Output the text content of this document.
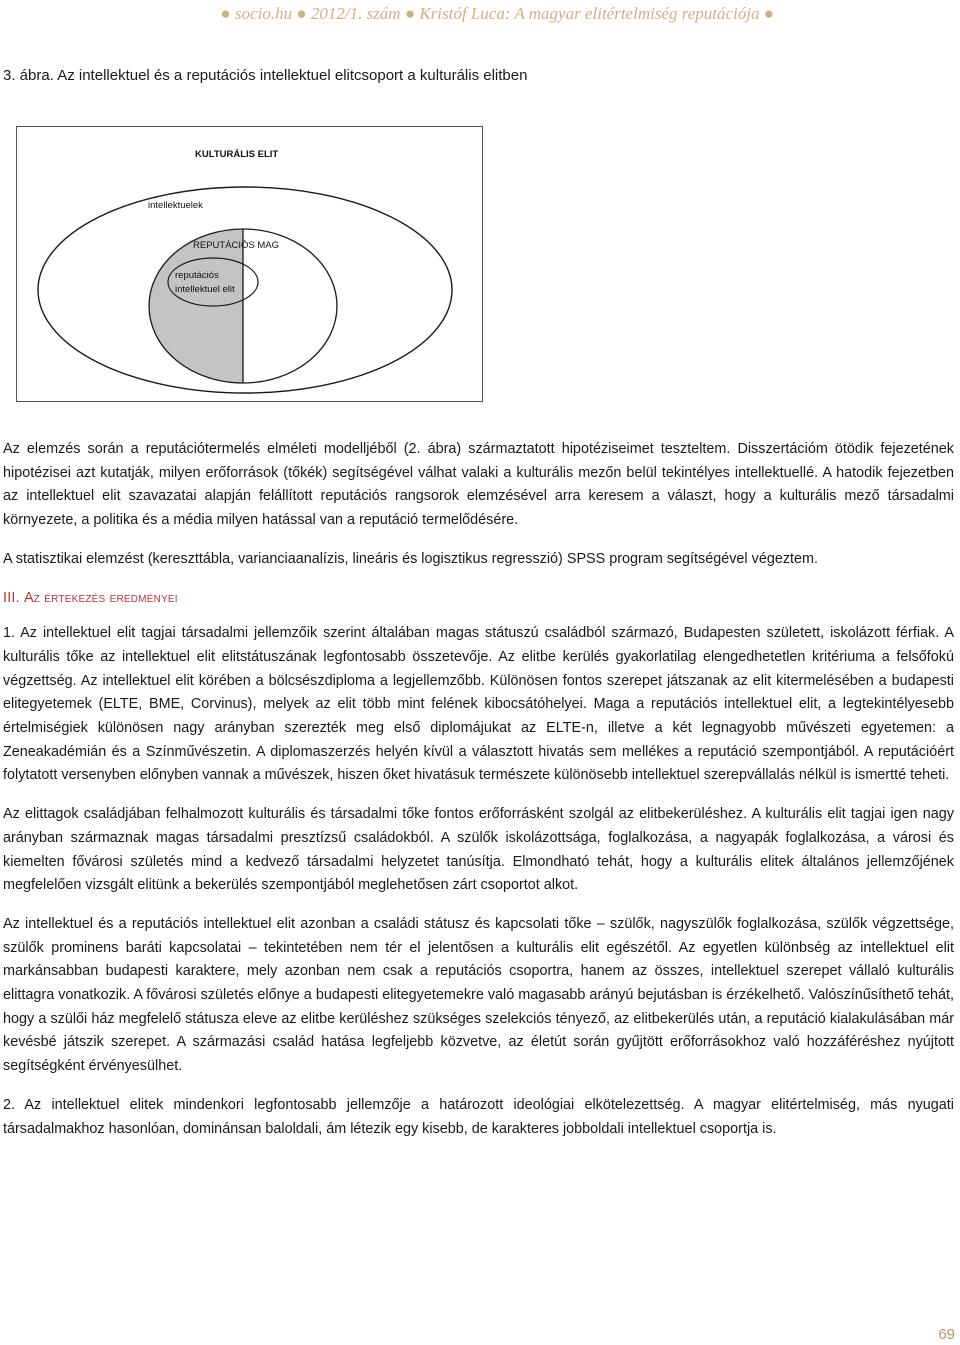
● socio.hu ● 2012/1. szám ● Kristóf Luca: A magyar elitértelmiség reputációja ●

3. ábra. Az intellektuel és a reputációs intellektuel elitcsoport a kulturális elitben

KULTURÁLIS ELIT
intellektuelek
REPUTÁCIÓS MAG
reputációs
intellektuel elit

Az elemzés során a reputációtermelés elméleti modelljéből (2. ábra) származtatott hipotéziseimet teszteltem. Disszertációm ötödik fejezetének hipotézisei azt kutatják, milyen erőforrások (tőkék) segítségével válhat valaki a kulturális mezőn belül tekintélyes intellektuellé. A hatodik fejezetben az intellektuel elit szavazatai alapján felállított reputációs rangsorok elemzésével arra keresem a választ, hogy a kulturális mező társadalmi környezete, a politika és a média milyen hatással van a reputáció termelődésére.

A statisztikai elemzést (kereszttábla, varianciaanalízis, lineáris és logisztikus regresszió) SPSS program segítségével végeztem.

III. Az értekezés eredményei

1. Az intellektuel elit tagjai társadalmi jellemzőik szerint általában magas státuszú családból származó, Budapesten született, iskolázott férfiak. A kulturális tőke az intellektuel elit elitstátuszának legfontosabb összetevője. Az elitbe kerülés gyakorlatilag elengedhetetlen kritériuma a felsőfokú végzettség. Az intellektuel elit körében a bölcsészdiploma a legjellemzőbb. Különösen fontos szerepet játszanak az elit kitermelésében a budapesti elitegyetemek (ELTE, BME, Corvinus), melyek az elit több mint felének kibocsátóhelyei. Maga a reputációs intellektuel elit, a legtekintélyesebb értelmiségiek különösen nagy arányban szerezték meg első diplomájukat az ELTE-n, illetve a két legnagyobb művészeti egyetemen: a Zeneakadémián és a Színművészetin. A diplomaszerzés helyén kívül a választott hivatás sem mellékes a reputáció szempontjából. A reputációért folytatott versenyben előnyben vannak a művészek, hiszen őket hivatásuk természete különösebb intellektuel szerepvállalás nélkül is ismertté teheti.

Az elittagok családjában felhalmozott kulturális és társadalmi tőke fontos erőforrásként szolgál az elitbekerüléshez. A kulturális elit tagjai igen nagy arányban származnak magas társadalmi presztízsű családokból. A szülők iskolázottsága, foglalkozása, a nagyapák foglalkozása, a városi és kiemelten fővárosi születés mind a kedvező társadalmi helyzetet tanúsítja. Elmondható tehát, hogy a kulturális elitek általános jellemzőjének megfelelően vizsgált elitünk a bekerülés szempontjából meglehetősen zárt csoportot alkot.

Az intellektuel és a reputációs intellektuel elit azonban a családi státusz és kapcsolati tőke – szülők, nagyszülők foglalkozása, szülők végzettsége, szülők prominens baráti kapcsolatai – tekintetében nem tér el jelentősen a kulturális elit egészétől. Az egyetlen különbség az intellektuel elit markánsabban budapesti karaktere, mely azonban nem csak a reputációs csoportra, hanem az összes, intellektuel szerepet vállaló kulturális elittagra vonatkozik. A fővárosi születés előnye a budapesti elitegyetemekre való magasabb arányú bejutásban is érzékelhető. Valószínűsíthető tehát, hogy a szülői ház megfelelő státusza eleve az elitbe kerüléshez szükséges szelekciós tényező, az elitbekerülés után, a reputáció kialakulásában már kevésbé játszik szerepet. A származási család hatása legfeljebb közvetve, az életút során gyűjtött erőforrásokhoz való hozzáféréshez nyújtott segítségként érvényesülhet.

2. Az intellektuel elitek mindenkori legfontosabb jellemzője a határozott ideológiai elkötelezettség. A magyar elitértelmiség, más nyugati társadalmakhoz hasonlóan, dominánsan baloldali, ám létezik egy kisebb, de karakteres jobboldali intellektuel csoportja is.

69
